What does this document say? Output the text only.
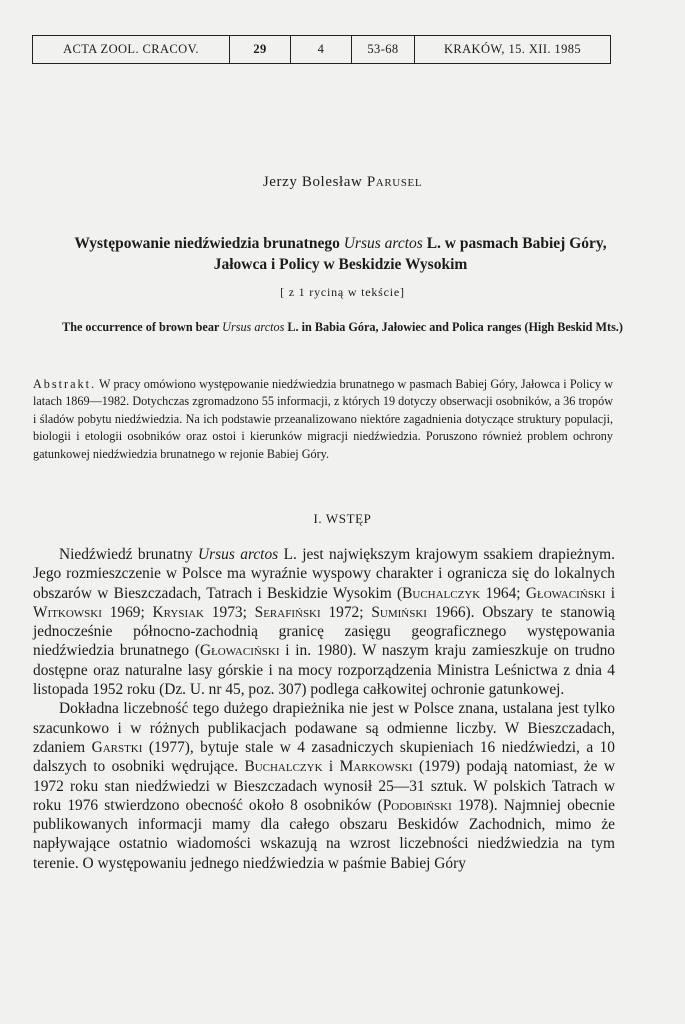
ACTA ZOOL. CRACOV.	29	4	53-68	KRAKÓW, 15. XII. 1985
Jerzy Bolesław Parusel
Występowanie niedźwiedzia brunatnego Ursus arctos L. w pasmach Babiej Góry,
Jałowca i Policy w Beskidzie Wysokim
[ z 1 ryciną w tekście]
The occurrence of brown bear Ursus arctos L. in Babia Góra, Jałowiec and Polica ranges (High Beskid Mts.)
Abstrakt. W pracy omówiono występowanie niedźwiedzia brunatnego w pasmach Babiej Góry, Jałowca i Policy w latach 1869—1982. Dotychczas zgromadzono 55 informacji, z których 19 dotyczy obserwacji osobników, a 36 tropów i śladów pobytu niedźwiedzia. Na ich podstawie przeanalizowano niektóre zagadnienia dotyczące struktury populacji, biologii i etologii osobników oraz ostoi i kierunków migracji niedźwiedzia. Poruszono również problem ochrony gatunkowej niedźwiedzia brunatnego w rejonie Babiej Góry.
I. WSTĘP

Niedźwiedź brunatny Ursus arctos L. jest największym krajowym ssakiem drapieżnym. Jego rozmieszczenie w Polsce ma wyraźnie wyspowy charakter i ogranicza się do lokalnych obszarów w Bieszczadach, Tatrach i Beskidzie Wysokim (Buchalczyk 1964; Głowaciński i Witkowski 1969; Krysiak 1973; Serafiński 1972; Sumiński 1966). Obszary te stanowią jednocześnie północno-zachodnią granicę zasięgu geograficznego występowania niedźwiedzia brunatnego (Głowaciński i in. 1980). W naszym kraju zamieszkuje on trudno dostępne oraz naturalne lasy górskie i na mocy rozporządzenia Ministra Leśnictwa z dnia 4 listopada 1952 roku (Dz. U. nr 45, poz. 307) podlega całkowitej ochronie gatunkowej.

Dokładna liczebność tego dużego drapieżnika nie jest w Polsce znana, ustalana jest tylko szacunkowo i w różnych publikacjach podawane są odmienne liczby. W Bieszczadach, zdaniem Garstki (1977), bytuje stale w 4 zasadniczych skupieniach 16 niedźwiedzi, a 10 dalszych to osobniki wędrujące. Buchalczyk i Markowski (1979) podają natomiast, że w 1972 roku stan niedźwiedzi w Bieszczadach wynosił 25—31 sztuk. W polskich Tatrach w roku 1976 stwierdzono obecność około 8 osobników (Podobiński 1978). Najmniej obecnie publikowanych informacji mamy dla całego obszaru Beskidów Zachodnich, mimo że napływające ostatnio wiadomości wskazują na wzrost liczebności niedźwiedzia na tym terenie. O występowaniu jednego niedźwiedzia w paśmie Babiej Góry
